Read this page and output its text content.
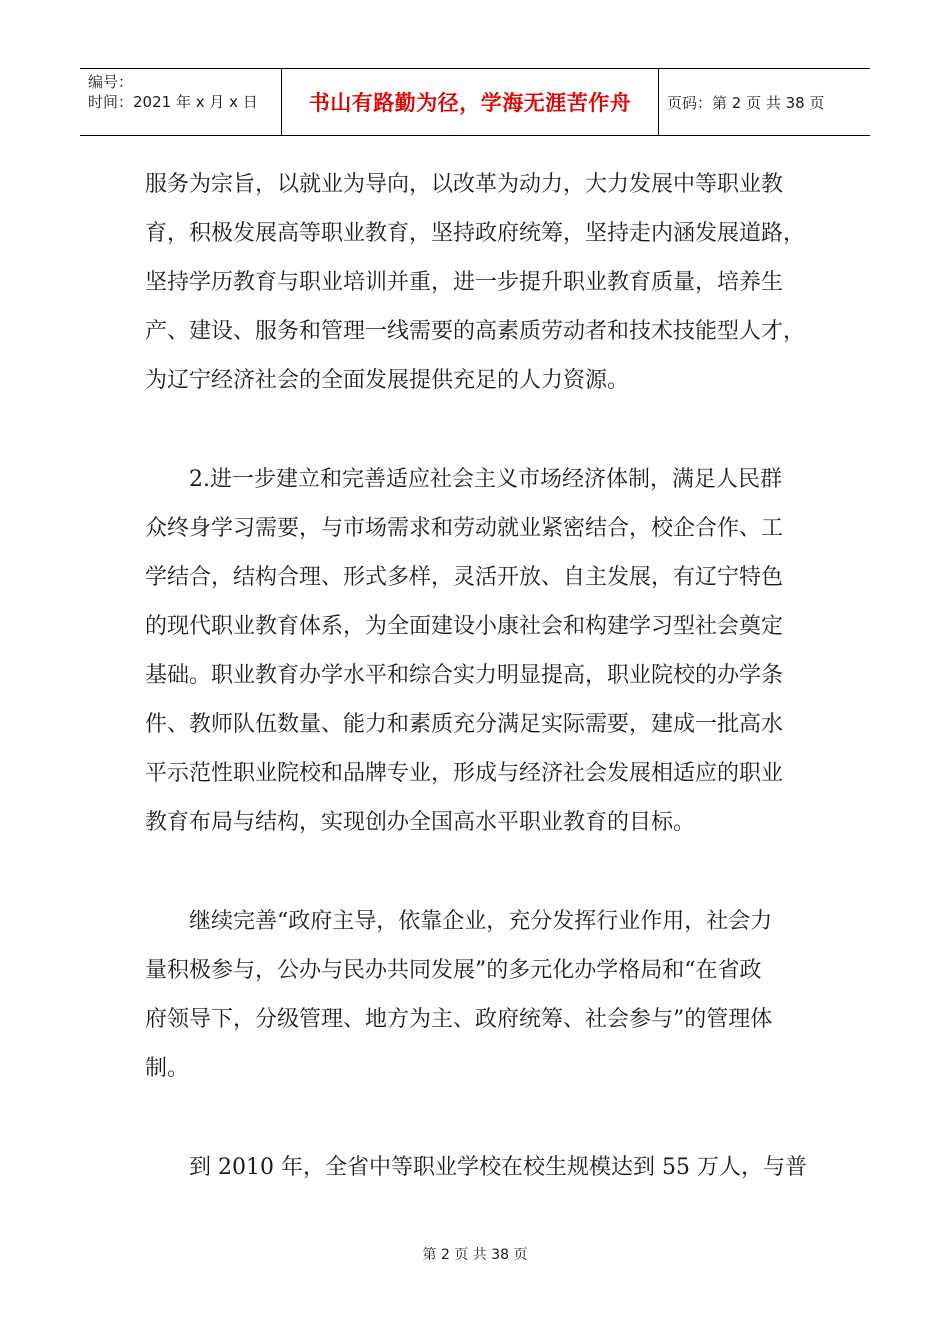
编号：
时间：2021 年 x 月 x 日	书山有路勤为径，学海无涯苦作舟	页码：第 2 页 共 38 页

服务为宗旨，以就业为导向，以改革为动力，大力发展中等职业教

育，积极发展高等职业教育，坚持政府统筹，坚持走内涵发展道路，

坚持学历教育与职业培训并重，进一步提升职业教育质量，培养生

产、建设、服务和管理一线需要的高素质劳动者和技术技能型人才，

为辽宁经济社会的全面发展提供充足的人力资源。

　　2.进一步建立和完善适应社会主义市场经济体制，满足人民群

众终身学习需要，与市场需求和劳动就业紧密结合，校企合作、工

学结合，结构合理、形式多样，灵活开放、自主发展，有辽宁特色

的现代职业教育体系，为全面建设小康社会和构建学习型社会奠定

基础。职业教育办学水平和综合实力明显提高，职业院校的办学条

件、教师队伍数量、能力和素质充分满足实际需要，建成一批高水

平示范性职业院校和品牌专业，形成与经济社会发展相适应的职业

教育布局与结构，实现创办全国高水平职业教育的目标。

　　继续完善“政府主导，依靠企业，充分发挥行业作用，社会力

量积极参与，公办与民办共同发展”的多元化办学格局和“在省政

府领导下，分级管理、地方为主、政府统筹、社会参与”的管理体

制。

　　到 2010 年，全省中等职业学校在校生规模达到 55 万人，与普

第 2 页 共 38 页
